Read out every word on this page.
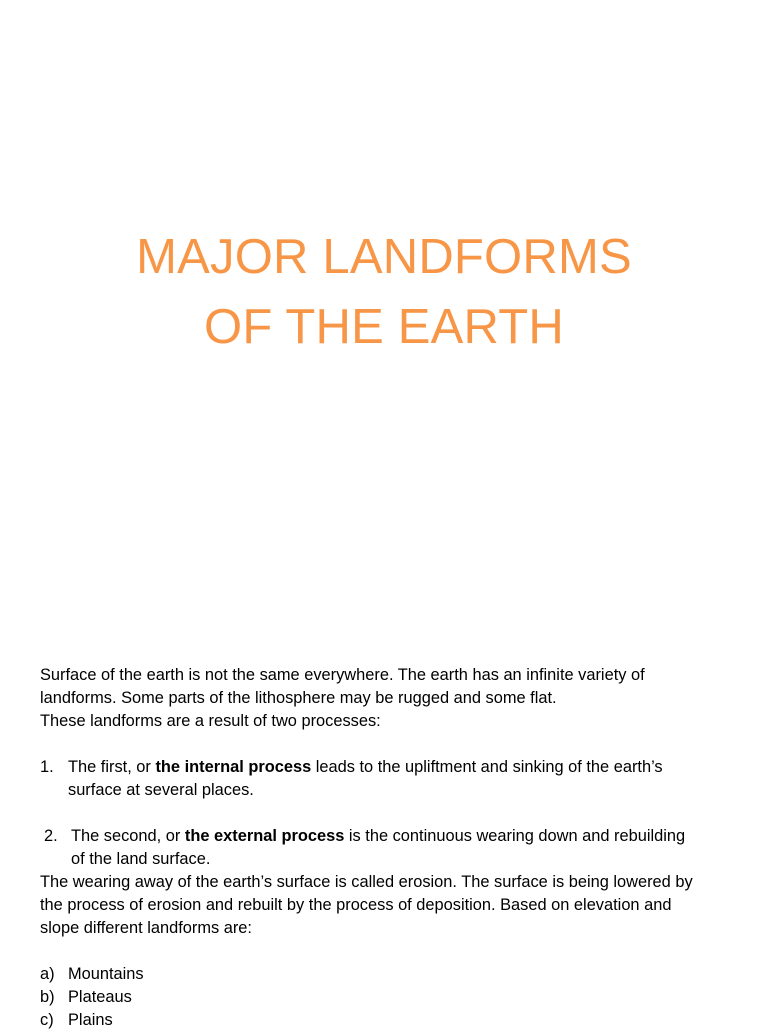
MAJOR LANDFORMS
OF THE EARTH
Surface of the earth is not the same everywhere. The earth has an infinite variety of
landforms. Some parts of the lithosphere may be rugged and some flat.
These landforms are a result of two processes:
1. The first, or the internal process leads to the upliftment and sinking of the earth’s
surface at several places.
2. The second, or the external process is the continuous wearing down and rebuilding
of the land surface.
The wearing away of the earth’s surface is called erosion. The surface is being lowered by
the process of erosion and rebuilt by the process of deposition. Based on elevation and
slope different landforms are:
a) Mountains
b) Plateaus
c) Plains
